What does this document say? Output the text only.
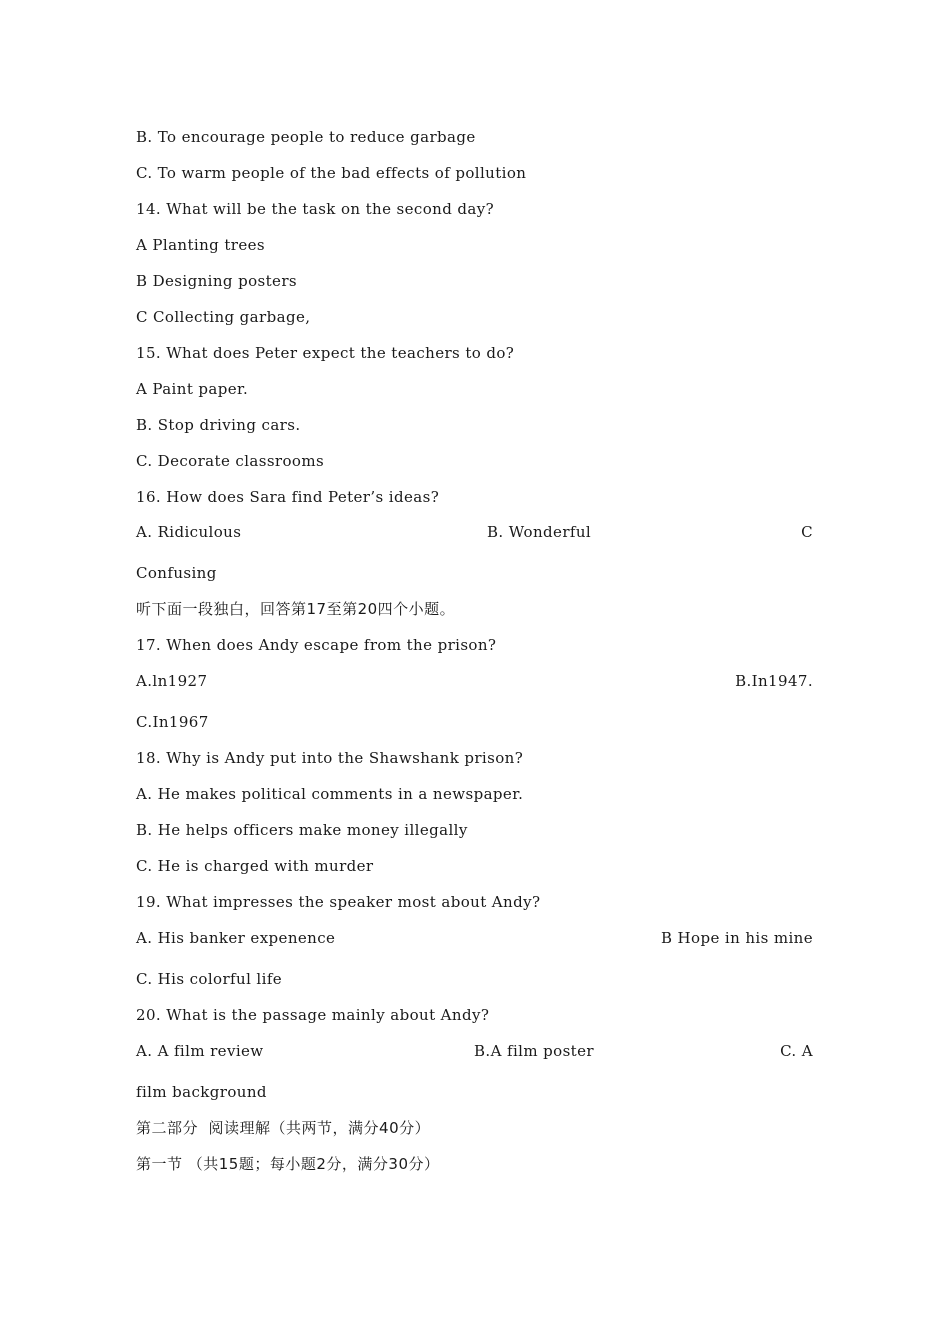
B. To encourage people to reduce garbage
C. To warm people of the bad effects of pollution
14. What will be the task on the second day?
A Planting trees
B Designing posters
C Collecting garbage,
15. What does Peter expect the teachers to do?
A Paint paper.
B. Stop driving cars.
C. Decorate classrooms
16. How does Sara find Peter’s ideas?

A. Ridiculous

	B. Wonderful

	C

Confusing
听下面一段独白，回答第17至第20四个小题。
17. When does Andy escape from the prison?

A.ln1927

	B.In1947.

C.In1967
18. Why is Andy put into the Shawshank prison?
A. He makes political comments in a newspaper.
B. He helps officers make money illegally
C. He is charged with murder
19. What impresses the speaker most about Andy?

A. His banker expenence

	B Hope in his mine

C. His colorful life
20. What is the passage mainly about Andy?

A. A film review

	B.A film poster

	C. A

film background
第二部分  阅读理解（共两节，满分40分）
第一节 （共15题；每小题2分，满分30分）
